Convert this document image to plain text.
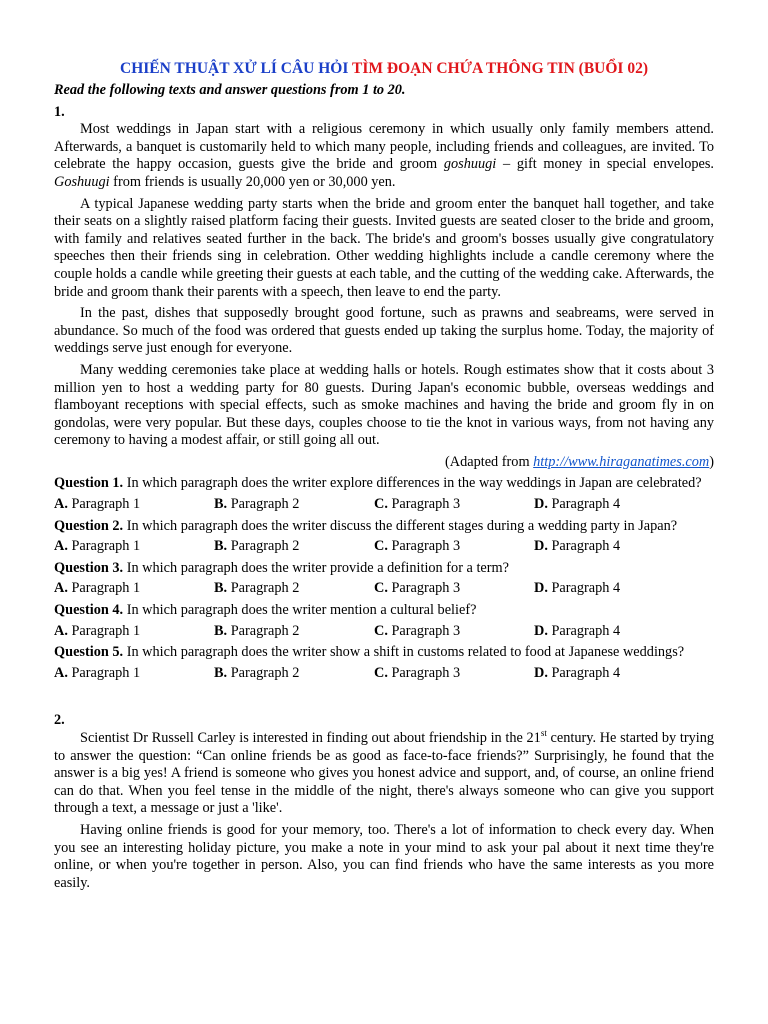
CHIẾN THUẬT XỬ LÍ CÂU HỎI TÌM ĐOẠN CHỨA THÔNG TIN (BUỔI 02)
Read the following texts and answer questions from 1 to 20.
1.

Most weddings in Japan start with a religious ceremony in which usually only family members attend. Afterwards, a banquet is customarily held to which many people, including friends and colleagues, are invited. To celebrate the happy occasion, guests give the bride and groom goshuugi – gift money in special envelopes. Goshuugi from friends is usually 20,000 yen or 30,000 yen.

A typical Japanese wedding party starts when the bride and groom enter the banquet hall together, and take their seats on a slightly raised platform facing their guests. Invited guests are seated closer to the bride and groom, with family and relatives seated further in the back. The bride's and groom's bosses usually give congratulatory speeches then their friends sing in celebration. Other wedding highlights include a candle ceremony where the couple holds a candle while greeting their guests at each table, and the cutting of the wedding cake. Afterwards, the bride and groom thank their parents with a speech, then leave to end the party.

In the past, dishes that supposedly brought good fortune, such as prawns and seabreams, were served in abundance. So much of the food was ordered that guests ended up taking the surplus home. Today, the majority of weddings serve just enough for everyone.

Many wedding ceremonies take place at wedding halls or hotels. Rough estimates show that it costs about 3 million yen to host a wedding party for 80 guests. During Japan's economic bubble, overseas weddings and flamboyant receptions with special effects, such as smoke machines and having the bride and groom fly in on gondolas, were very popular. But these days, couples choose to tie the knot in various ways, from not having any ceremony to having a modest affair, or still going all out.

(Adapted from http://www.hiraganatimes.com)
Question 1. In which paragraph does the writer explore differences in the way weddings in Japan are celebrated?
A. Paragraph 1	B. Paragraph 2	C. Paragraph 3	D. Paragraph 4
Question 2. In which paragraph does the writer discuss the different stages during a wedding party in Japan?
A. Paragraph 1	B. Paragraph 2	C. Paragraph 3	D. Paragraph 4
Question 3. In which paragraph does the writer provide a definition for a term?
A. Paragraph 1	B. Paragraph 2	C. Paragraph 3	D. Paragraph 4
Question 4. In which paragraph does the writer mention a cultural belief?
A. Paragraph 1	B. Paragraph 2	C. Paragraph 3	D. Paragraph 4
Question 5. In which paragraph does the writer show a shift in customs related to food at Japanese weddings?
A. Paragraph 1	B. Paragraph 2	C. Paragraph 3	D. Paragraph 4
2.

Scientist Dr Russell Carley is interested in finding out about friendship in the 21st century. He started by trying to answer the question: “Can online friends be as good as face-to-face friends?” Surprisingly, he found that the answer is a big yes! A friend is someone who gives you honest advice and support, and, of course, an online friend can do that. When you feel tense in the middle of the night, there's always someone who can give you support through a text, a message or just a 'like'.

Having online friends is good for your memory, too. There's a lot of information to check every day. When you see an interesting holiday picture, you make a note in your mind to ask your pal about it next time they're online, or when you're together in person. Also, you can find friends who have the same interests as you more easily.
